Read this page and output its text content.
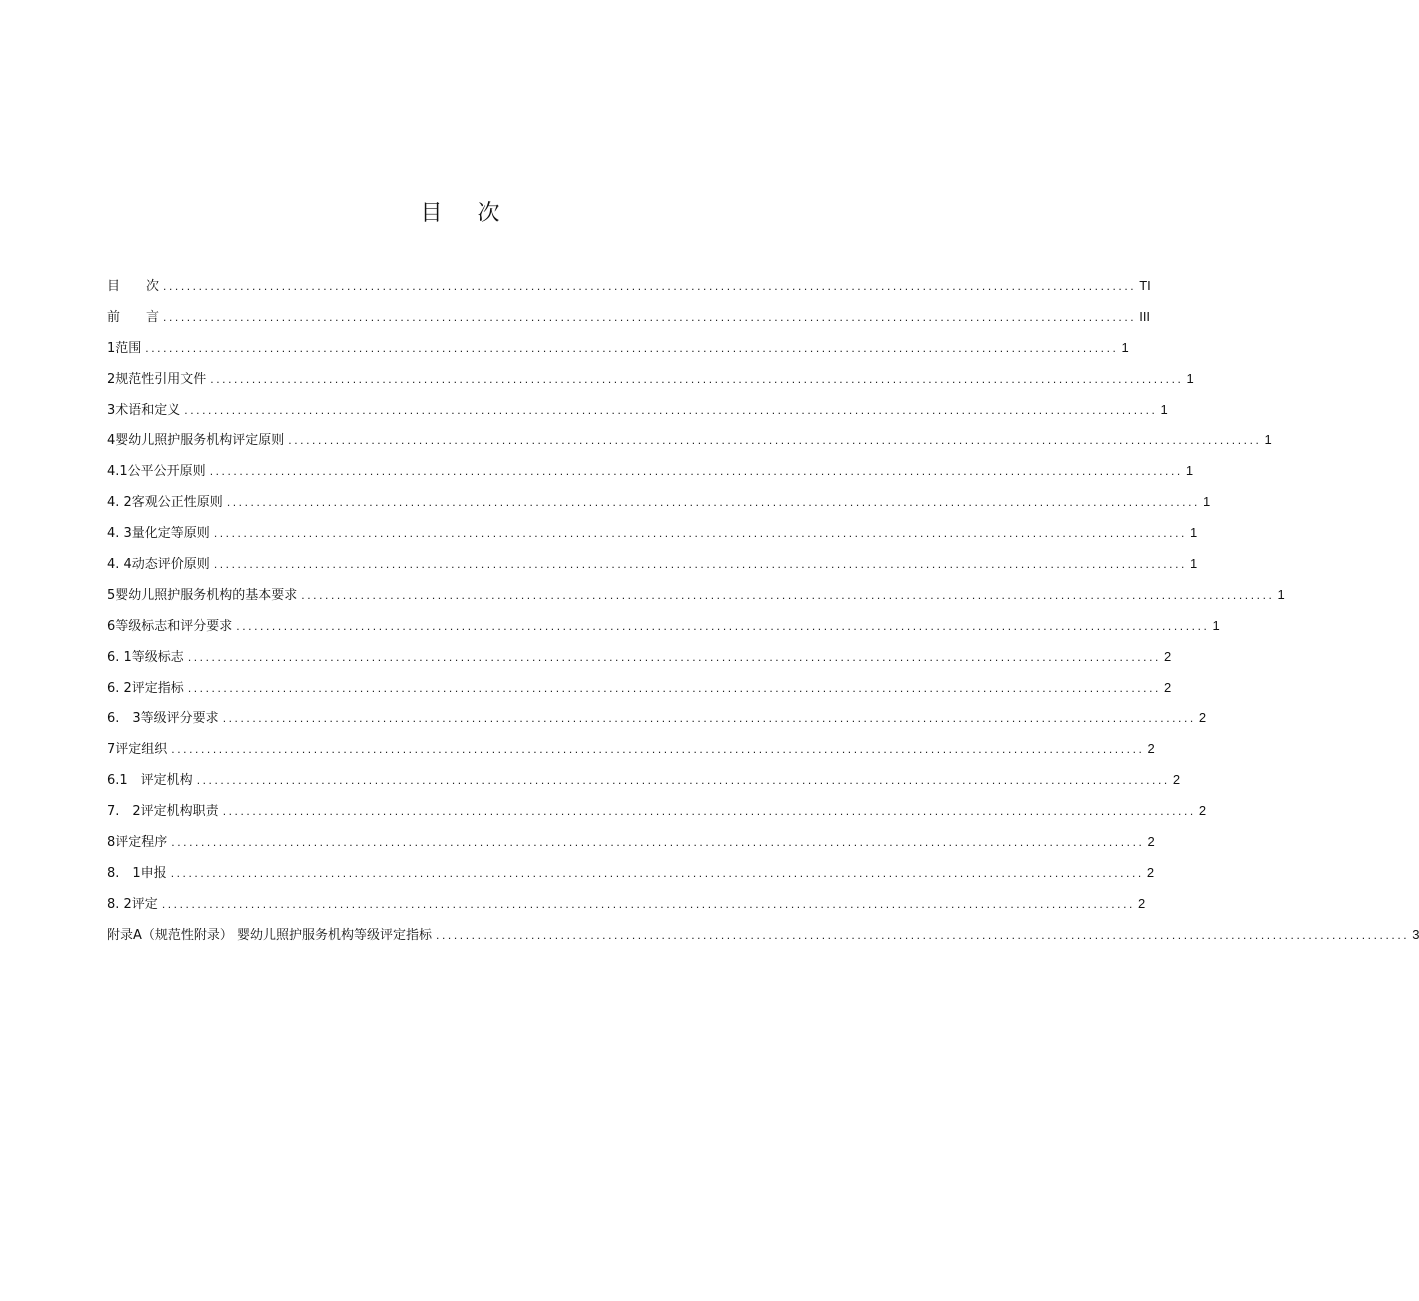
目 次
目　　次 .................................................................................................................................................................... TI
前　　言 .................................................................................................................................................................... III
1范围 .................................................................................................................................................................... 1
2规范性引用文件 .................................................................................................................................................................... 1
3术语和定义 .................................................................................................................................................................... 1
4婴幼儿照护服务机构评定原则 .................................................................................................................................................................... 1
4.1公平公开原则 .................................................................................................................................................................... 1
4. 2客观公正性原则 .................................................................................................................................................................... 1
4. 3量化定等原则 .................................................................................................................................................................... 1
4. 4动态评价原则 .................................................................................................................................................................... 1
5婴幼儿照护服务机构的基本要求 .................................................................................................................................................................... 1
6等级标志和评分要求 .................................................................................................................................................................... 1
6. 1等级标志 .................................................................................................................................................................... 2
6. 2评定指标 .................................................................................................................................................................... 2
6.　3等级评分要求 .................................................................................................................................................................... 2
7评定组织 .................................................................................................................................................................... 2
6.1　评定机构 .................................................................................................................................................................... 2
7.　2评定机构职责 .................................................................................................................................................................... 2
8评定程序 .................................................................................................................................................................... 2
8.　1申报 .................................................................................................................................................................... 2
8. 2评定 .................................................................................................................................................................... 2
附录A（规范性附录） 婴幼儿照护服务机构等级评定指标 .................................................................................................................................................................... 3
